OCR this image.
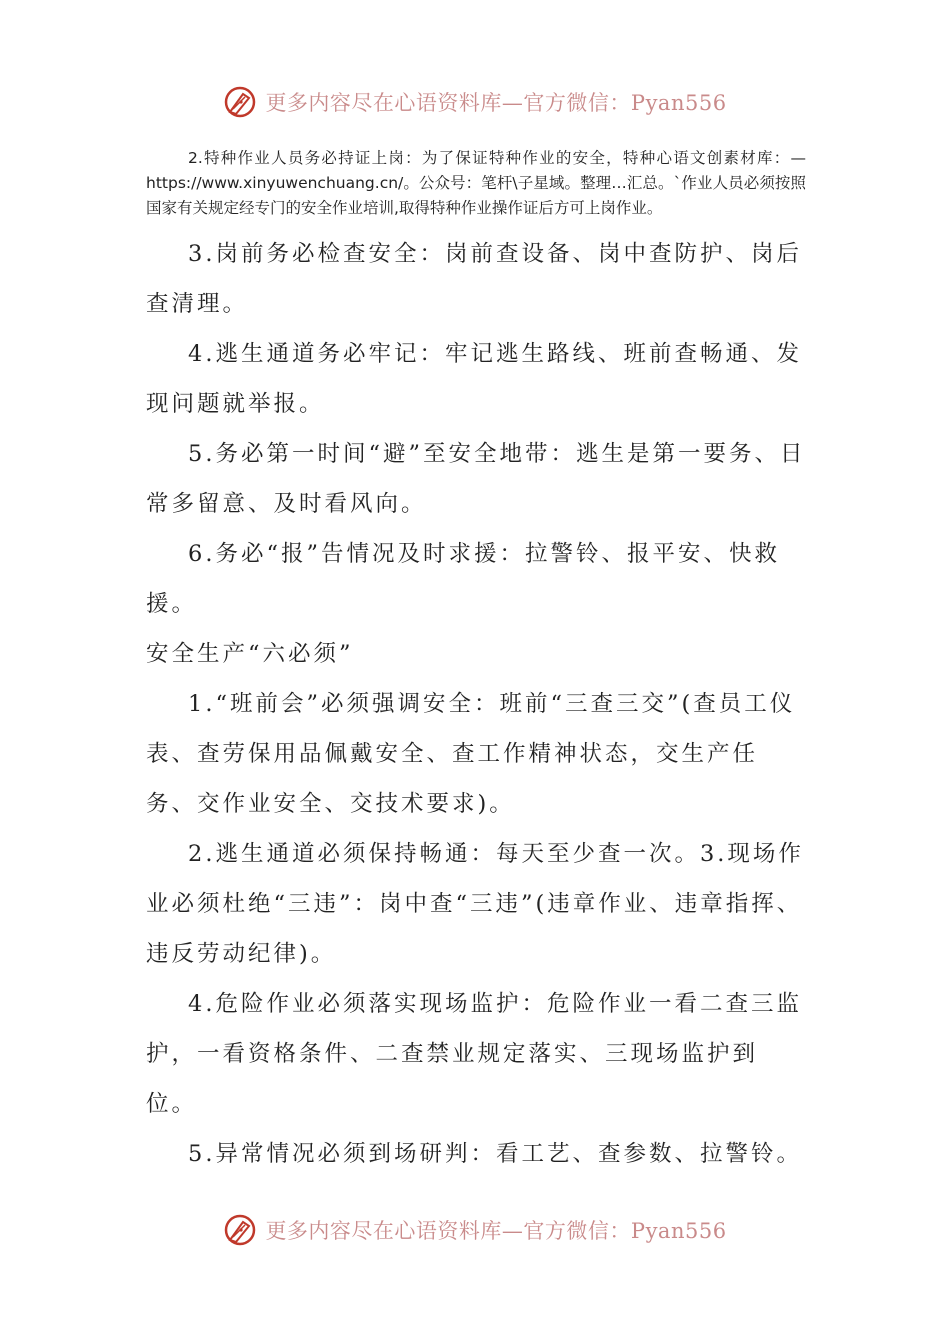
更多内容尽在心语资料库—官方微信：Pyan556

2.特种作业人员务必持证上岗：为了保证特种作业的安全，特种心语文创素材库：—https://www.xinyuwenchuang.cn/。公众号：笔杆\子星域。整理…汇总。`作业人员必须按照国家有关规定经专门的安全作业培训,取得特种作业操作证后方可上岗作业。

3.岗前务必检查安全：岗前查设备、岗中查防护、岗后查清理。

4.逃生通道务必牢记：牢记逃生路线、班前查畅通、发现问题就举报。

5.务必第一时间“避”至安全地带：逃生是第一要务、日常多留意、及时看风向。

6.务必“报”告情况及时求援：拉警铃、报平安、快救援。

安全生产“六必须”

1.“班前会”必须强调安全：班前“三查三交”(查员工仪表、查劳保用品佩戴安全、查工作精神状态，交生产任务、交作业安全、交技术要求)。

2.逃生通道必须保持畅通：每天至少查一次。3.现场作业必须杜绝“三违”：岗中查“三违”(违章作业、违章指挥、违反劳动纪律)。

4.危险作业必须落实现场监护：危险作业一看二查三监护，一看资格条件、二查禁业规定落实、三现场监护到位。

5.异常情况必须到场研判：看工艺、查参数、拉警铃。

更多内容尽在心语资料库—官方微信：Pyan556
